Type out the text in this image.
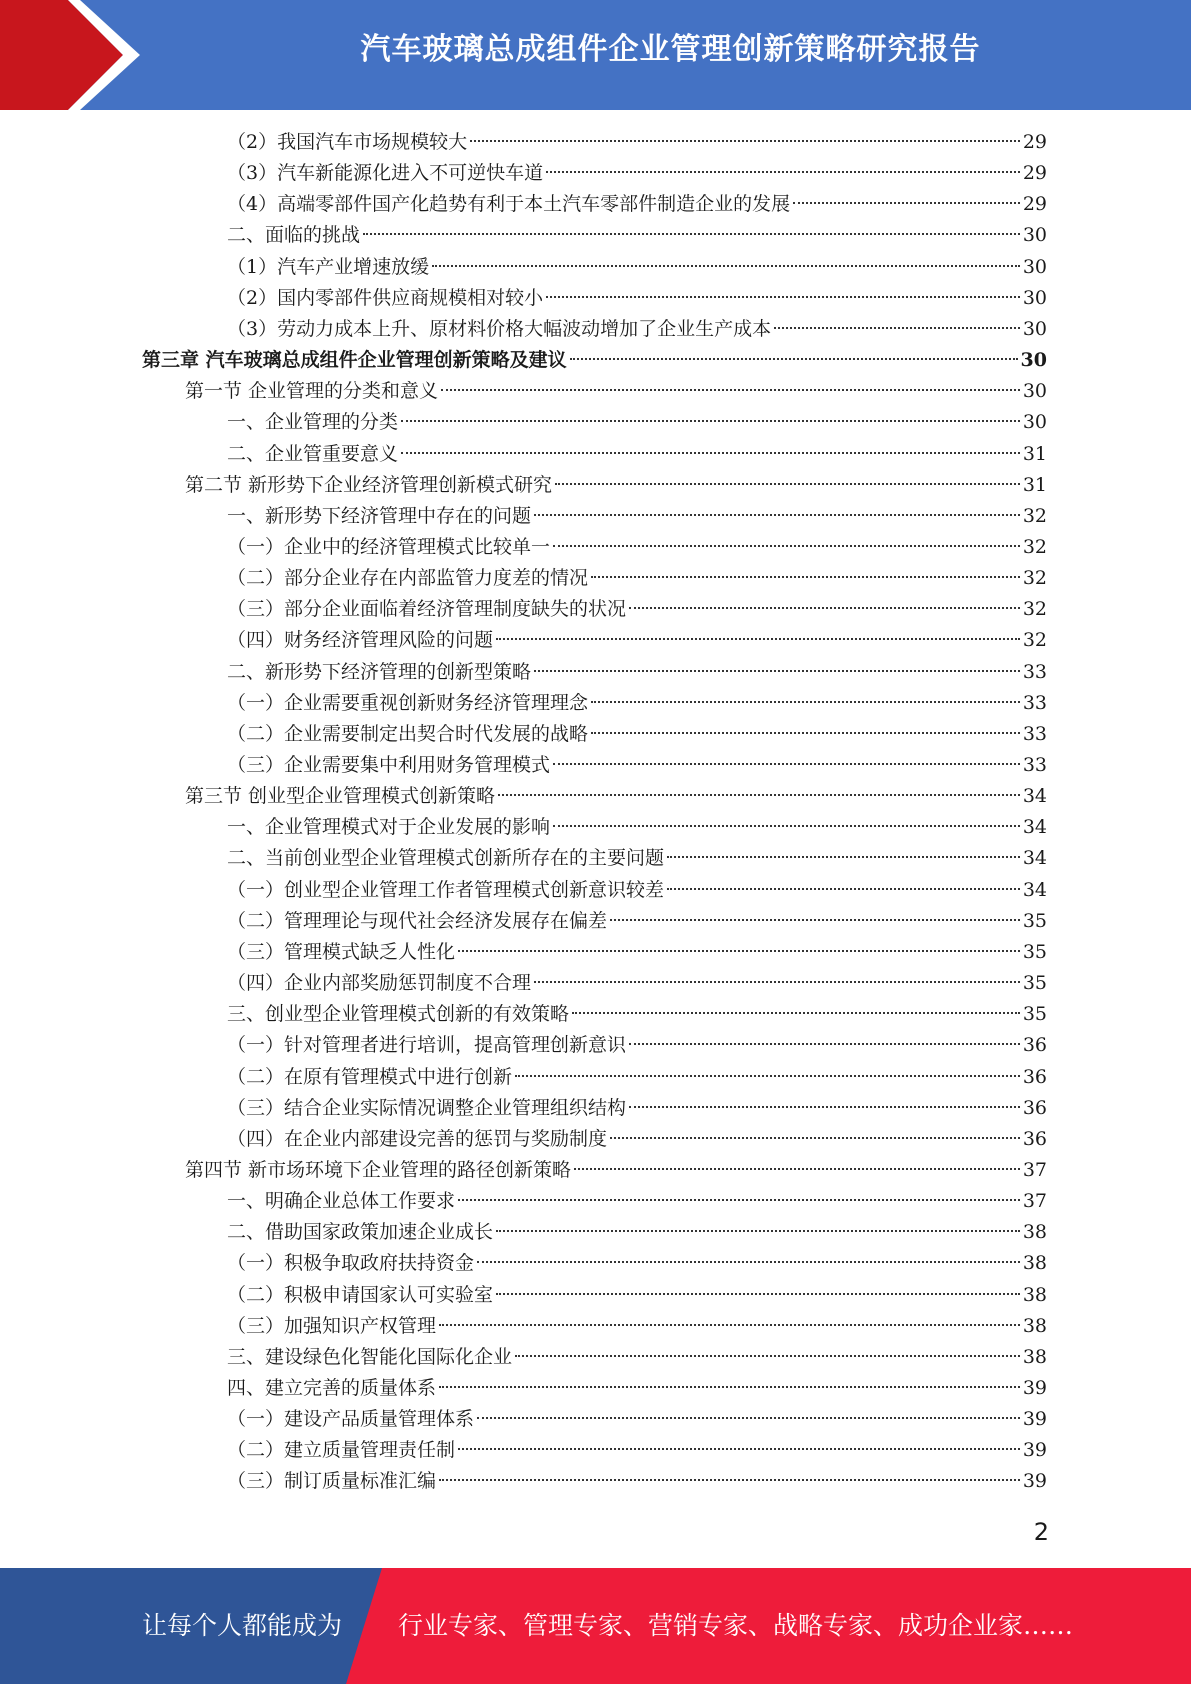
汽车玻璃总成组件企业管理创新策略研究报告
（2）我国汽车市场规模较大	29
（3）汽车新能源化进入不可逆快车道	29
（4）高端零部件国产化趋势有利于本土汽车零部件制造企业的发展	29
二、面临的挑战	30
（1）汽车产业增速放缓	30
（2）国内零部件供应商规模相对较小	30
（3）劳动力成本上升、原材料价格大幅波动增加了企业生产成本	30
第三章 汽车玻璃总成组件企业管理创新策略及建议	30
第一节 企业管理的分类和意义	30
一、企业管理的分类	30
二、企业管重要意义	31
第二节 新形势下企业经济管理创新模式研究	31
一、新形势下经济管理中存在的问题	32
（一）企业中的经济管理模式比较单一	32
（二）部分企业存在内部监管力度差的情况	32
（三）部分企业面临着经济管理制度缺失的状况	32
（四）财务经济管理风险的问题	32
二、新形势下经济管理的创新型策略	33
（一）企业需要重视创新财务经济管理理念	33
（二）企业需要制定出契合时代发展的战略	33
（三）企业需要集中利用财务管理模式	33
第三节 创业型企业管理模式创新策略	34
一、企业管理模式对于企业发展的影响	34
二、当前创业型企业管理模式创新所存在的主要问题	34
（一）创业型企业管理工作者管理模式创新意识较差	34
（二）管理理论与现代社会经济发展存在偏差	35
（三）管理模式缺乏人性化	35
（四）企业内部奖励惩罚制度不合理	35
三、创业型企业管理模式创新的有效策略	35
（一）针对管理者进行培训，提高管理创新意识	36
（二）在原有管理模式中进行创新	36
（三）结合企业实际情况调整企业管理组织结构	36
（四）在企业内部建设完善的惩罚与奖励制度	36
第四节 新市场环境下企业管理的路径创新策略	37
一、明确企业总体工作要求	37
二、借助国家政策加速企业成长	38
（一）积极争取政府扶持资金	38
（二）积极申请国家认可实验室	38
（三）加强知识产权管理	38
三、建设绿色化智能化国际化企业	38
四、建立完善的质量体系	39
（一）建设产品质量管理体系	39
（二）建立质量管理责任制	39
（三）制订质量标准汇编	39
2
让每个人都能成为 行业专家、管理专家、营销专家、战略专家、成功企业家……
